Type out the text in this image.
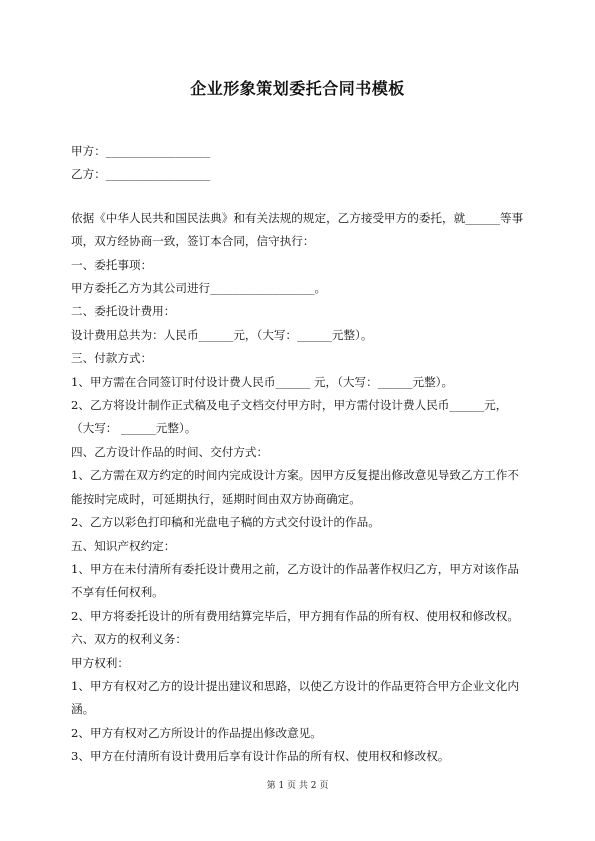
企业形象策划委托合同书模板

甲方：__________________

乙方：__________________

依据《中华人民共和国民法典》和有关法规的规定，乙方接受甲方的委托，就______等事项，双方经协商一致，签订本合同，信守执行：

一、委托事项：

甲方委托乙方为其公司进行__________________。

二、委托设计费用：

设计费用总共为：人民币______元，（大写：______元整）。

三、付款方式：

1、甲方需在合同签订时付设计费人民币______ 元，（大写：______元整）。

2、乙方将设计制作正式稿及电子文档交付甲方时，甲方需付设计费人民币______元，（大写： ______元整）。

四、乙方设计作品的时间、交付方式：

1、乙方需在双方约定的时间内完成设计方案。因甲方反复提出修改意见导致乙方工作不能按时完成时，可延期执行，延期时间由双方协商确定。

2、乙方以彩色打印稿和光盘电子稿的方式交付设计的作品。

五、知识产权约定：

1、甲方在未付清所有委托设计费用之前，乙方设计的作品著作权归乙方，甲方对该作品不享有任何权利。

2、甲方将委托设计的所有费用结算完毕后，甲方拥有作品的所有权、使用权和修改权。

六、双方的权利义务：

甲方权利：

1、甲方有权对乙方的设计提出建议和思路，以使乙方设计的作品更符合甲方企业文化内涵。

2、甲方有权对乙方所设计的作品提出修改意见。

3、甲方在付清所有设计费用后享有设计作品的所有权、使用权和修改权。

第 1 页 共 2 页
